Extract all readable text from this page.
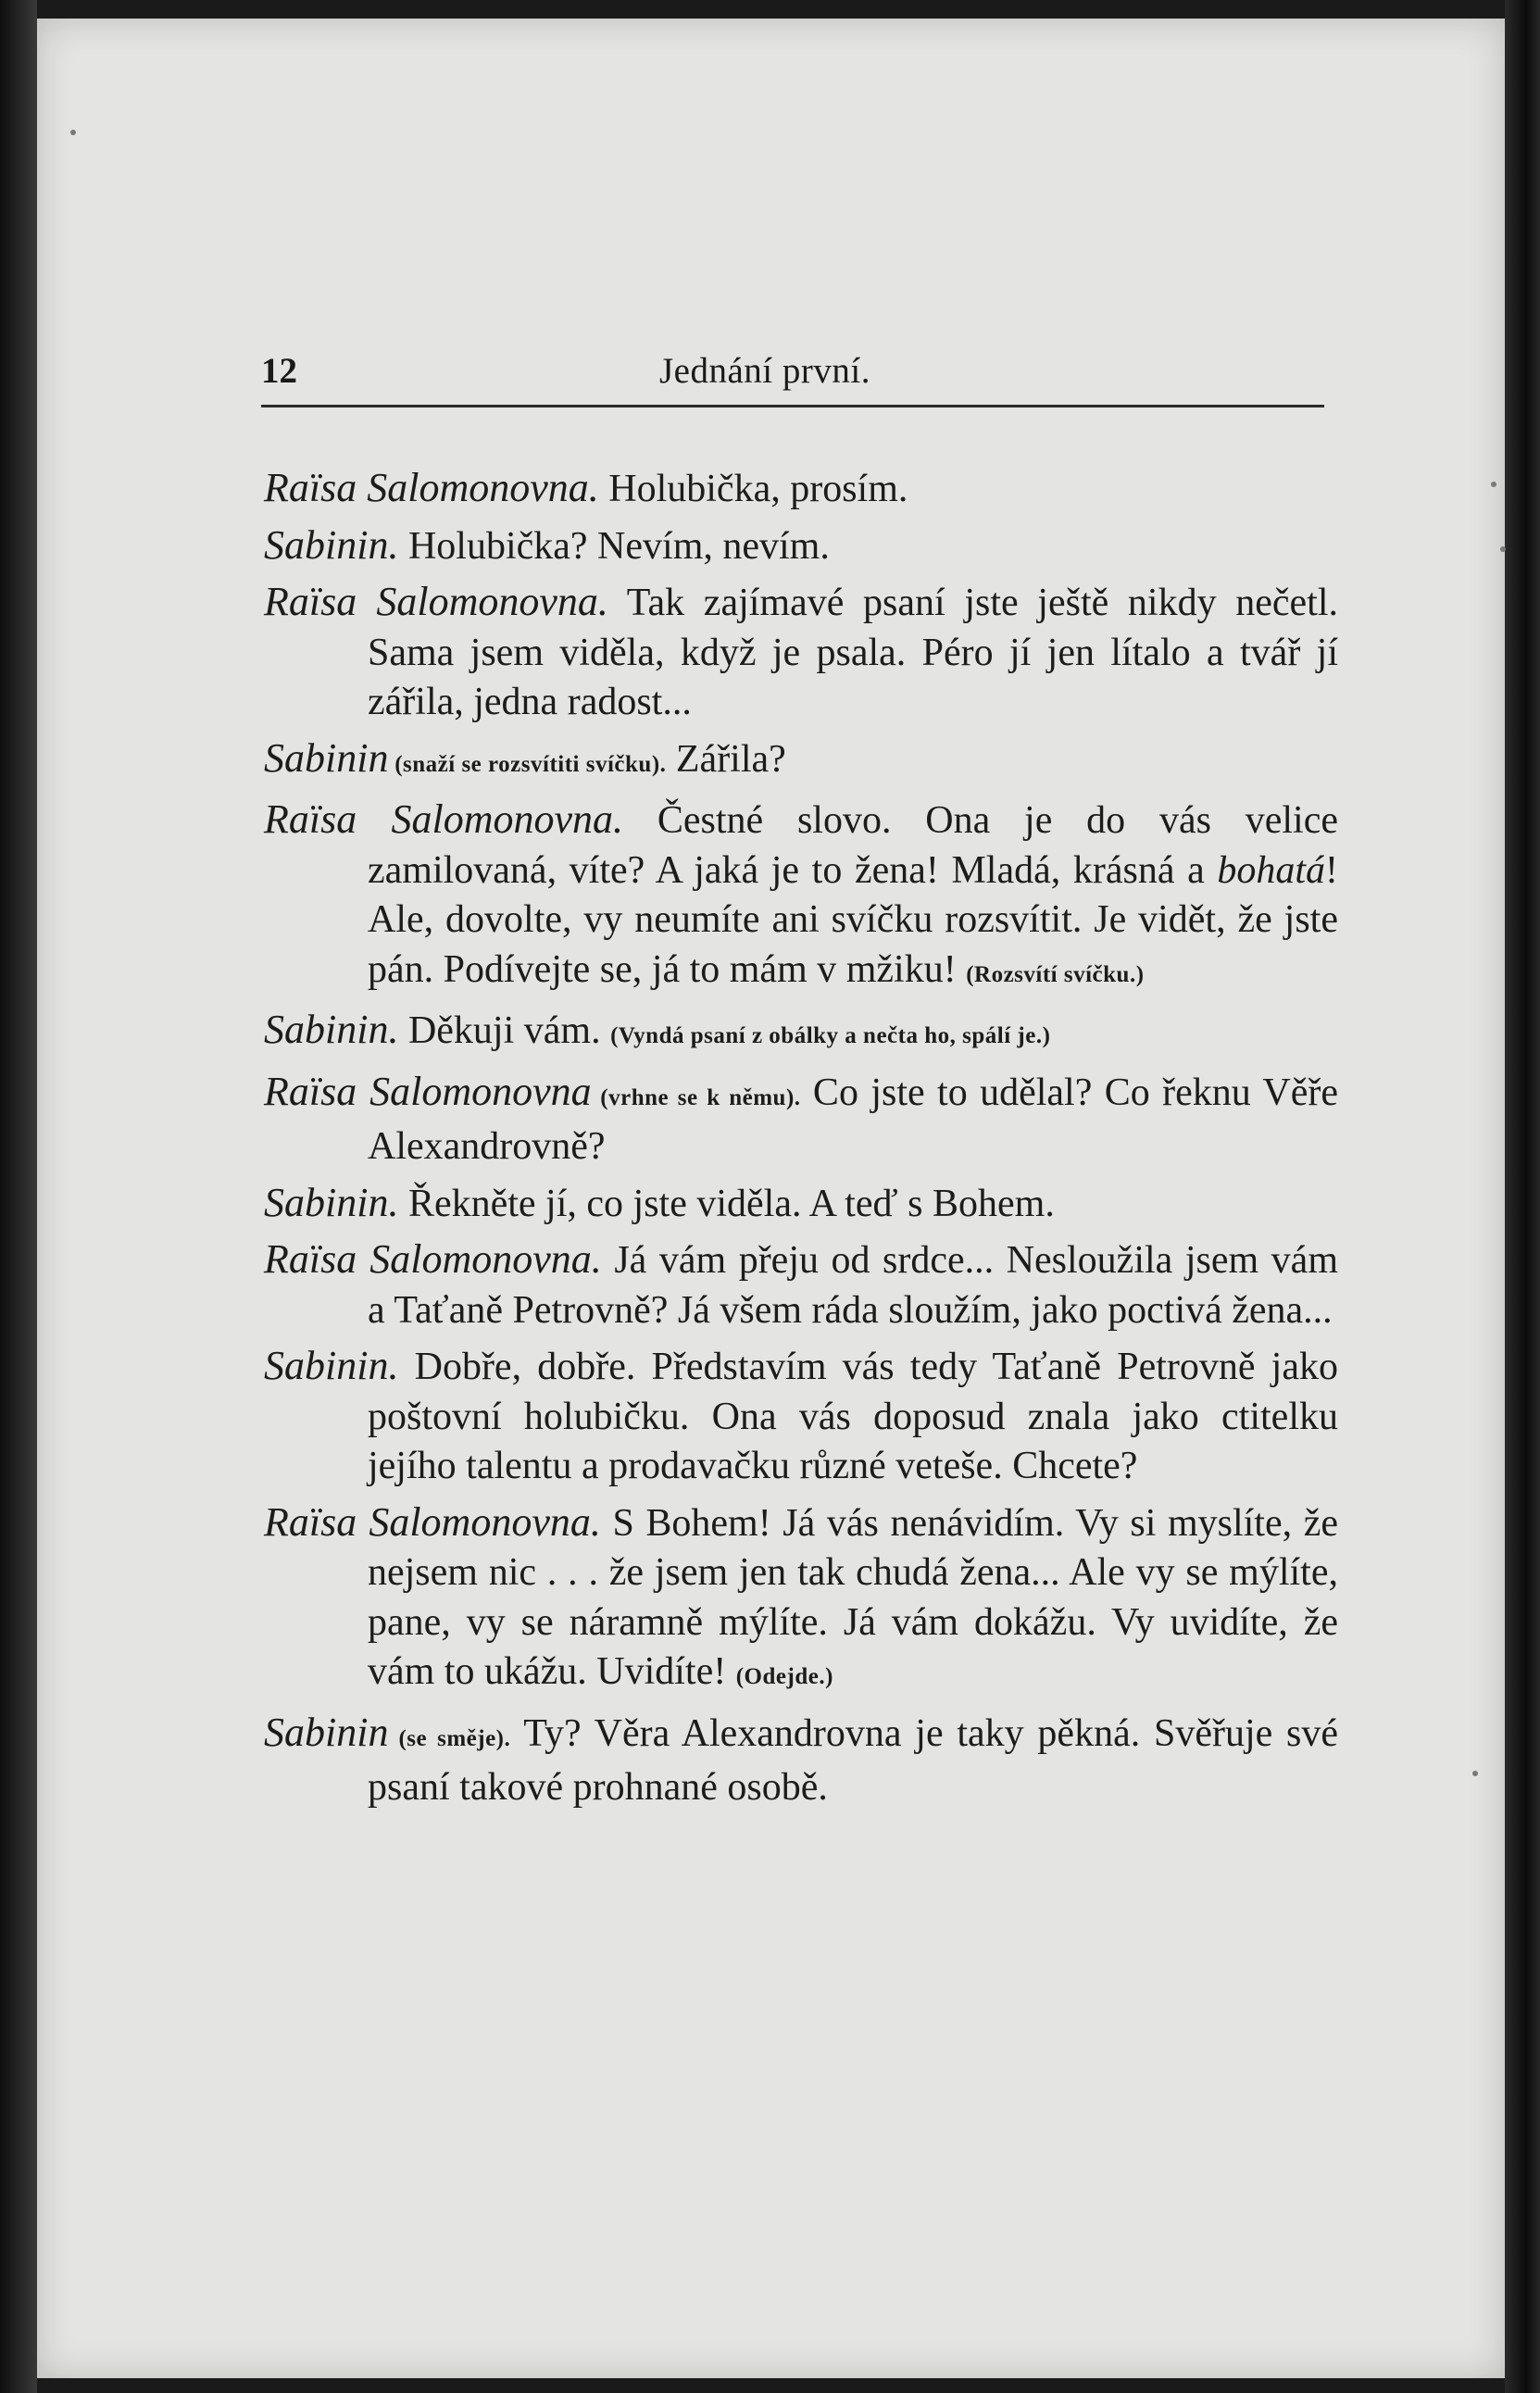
12	Jednání první.

Raïsa Salomonovna. Holubička, prosím.

Sabinin. Holubička? Nevím, nevím.

Raïsa Salomonovna. Tak zajímavé psaní jste ještě nikdy nečetl. Sama jsem viděla, když je psala. Péro jí jen lítalo a tvář jí zářila, jedna radost...

Sabinin (snaží se rozsvítiti svíčku). Zářila?

Raïsa Salomonovna. Čestné slovo. Ona je do vás velice zamilovaná, víte? A jaká je to žena! Mladá, krásná a bohatá! Ale, dovolte, vy neumíte ani svíčku rozsvítit. Je vidět, že jste pán. Podívejte se, já to mám v mžiku! (Rozsvítí svíčku.)

Sabinin. Děkuji vám. (Vyndá psaní z obálky a nečta ho, spálí je.)

Raïsa Salomonovna (vrhne se k němu). Co jste to udělal? Co řeknu Věře Alexandrovně?

Sabinin. Řekněte jí, co jste viděla. A teď s Bohem.

Raïsa Salomonovna. Já vám přeju od srdce... Nesloužila jsem vám a Taťaně Petrovně? Já všem ráda sloužím, jako poctivá žena...

Sabinin. Dobře, dobře. Představím vás tedy Taťaně Petrovně jako poštovní holubičku. Ona vás doposud znala jako ctitelku jejího talentu a prodavačku různé veteše. Chcete?

Raïsa Salomonovna. S Bohem! Já vás nenávidím. Vy si myslíte, že nejsem nic . . . že jsem jen tak chudá žena... Ale vy se mýlíte, pane, vy se náramně mýlíte. Já vám dokážu. Vy uvidíte, že vám to ukážu. Uvidíte! (Odejde.)

Sabinin (se směje). Ty? Věra Alexandrovna je taky pěkná. Svěřuje své psaní takové prohnané osobě.
